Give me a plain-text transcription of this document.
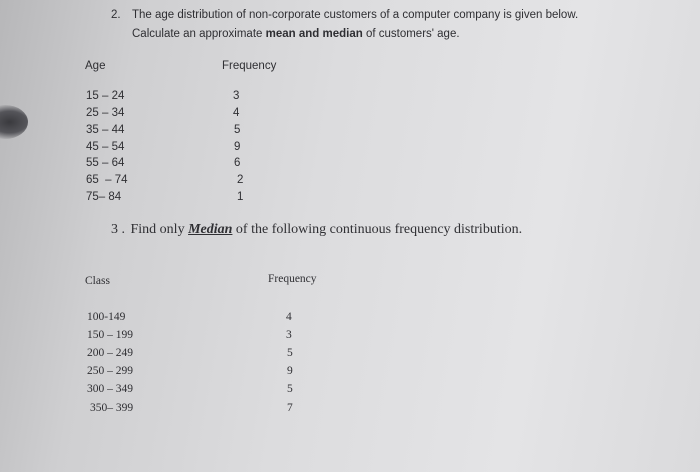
2. The age distribution of non-corporate customers of a computer company is given below.
Calculate an approximate mean and median of customers' age.
Age	Frequency
15 – 24	3
25 – 34	4
35 – 44	5
45 – 54	9
55 – 64	6
65  – 74	2
75– 84	1
3 . Find only Median of the following continuous frequency distribution.
Class	Frequency
100-149	4
150 – 199	3
200 – 249	5
250 – 299	9
300 – 349	5
350– 399	7
